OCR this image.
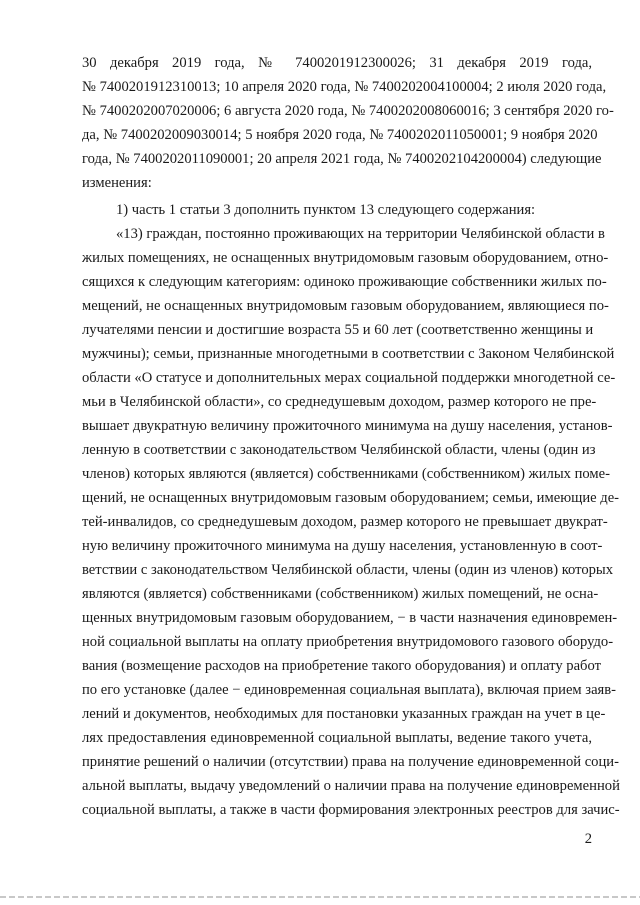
30 декабря 2019 года, № 7400201912300026; 31 декабря 2019 года,
№ 7400201912310013; 10 апреля 2020 года, № 7400202004100004; 2 июля 2020 года,
№ 7400202007020006; 6 августа 2020 года, № 7400202008060016; 3 сентября 2020 го-
да, № 7400202009030014; 5 ноября 2020 года, № 7400202011050001; 9 ноября 2020
года, № 7400202011090001; 20 апреля 2021 года, № 7400202104200004) следующие
изменения:
1) часть 1 статьи 3 дополнить пунктом 13 следующего содержания:
«13) граждан, постоянно проживающих на территории Челябинской области в
жилых помещениях, не оснащенных внутридомовым газовым оборудованием, отно-
сящихся к следующим категориям: одиноко проживающие собственники жилых по-
мещений, не оснащенных внутридомовым газовым оборудованием, являющиеся по-
лучателями пенсии и достигшие возраста 55 и 60 лет (соответственно женщины и
мужчины); семьи, признанные многодетными в соответствии с Законом Челябинской
области «О статусе и дополнительных мерах социальной поддержки многодетной се-
мьи в Челябинской области», со среднедушевым доходом, размер которого не пре-
вышает двукратную величину прожиточного минимума на душу населения, установ-
ленную в соответствии с законодательством Челябинской области, члены (один из
членов) которых являются (является) собственниками (собственником) жилых поме-
щений, не оснащенных внутридомовым газовым оборудованием; семьи, имеющие де-
тей-инвалидов, со среднедушевым доходом, размер которого не превышает двукрат-
ную величину прожиточного минимума на душу населения, установленную в соот-
ветствии с законодательством Челябинской области, члены (один из членов) которых
являются (является) собственниками (собственником) жилых помещений, не осна-
щенных внутридомовым газовым оборудованием, − в части назначения единовремен-
ной социальной выплаты на оплату приобретения внутридомового газового оборудо-
вания (возмещение расходов на приобретение такого оборудования) и оплату работ
по его установке (далее − единовременная социальная выплата), включая прием заяв-
лений и документов, необходимых для постановки указанных граждан на учет в це-
лях предоставления единовременной социальной выплаты, ведение такого учета,
принятие решений о наличии (отсутствии) права на получение единовременной соци-
альной выплаты, выдачу уведомлений о наличии права на получение единовременной
социальной выплаты, а также в части формирования электронных реестров для зачис-
2
